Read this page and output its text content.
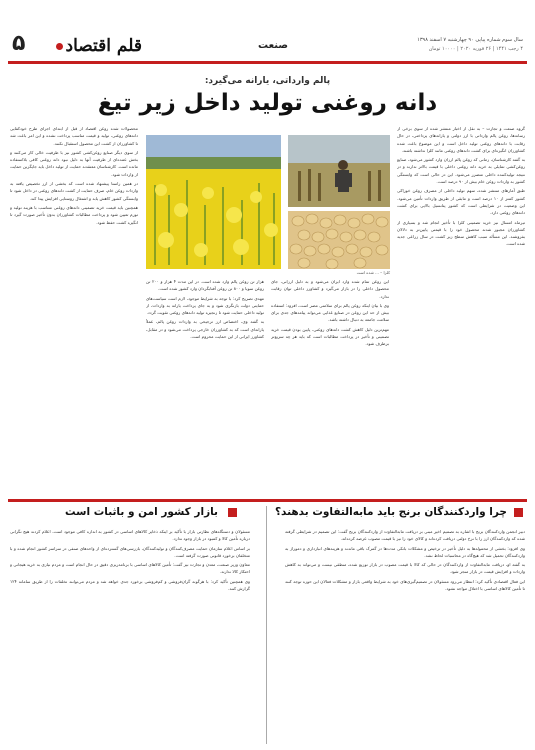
۵ قلم اقتصاد	صنعت	سال سوم شماره پیاپی ۹۰ چهارشنبه ۷ اسفند ۱۳۹۸
۴ رجب ۱۴۴۱ | ۲۶ فوریه ۲۰۲۰ | ۱۰۰۰۰ تومان
پالم وارداتی، یارانه می‌گیرد:
دانه روغنی تولید داخل زیر تیغ

گروه صنعت و تجارت – به نقل از اخبار منتشر شده از سوی برخی از رسانه‌ها، روغن پالم وارداتی با ارز دولتی و یارانه‌های پرداختی، در حال رقابت با دانه‌های روغنی تولید داخل است و این موضوع باعث شده کشاورزان انگیزه‌ای برای کشت دانه‌های روغنی مانند کلزا نداشته باشند.

به گفته کارشناسان، زمانی که روغن پالم ارزان وارد کشور می‌شود، صنایع روغن‌کشی تمایلی به خرید دانه روغنی داخلی با قیمت بالاتر ندارند و در نتیجه تولیدکننده داخلی متضرر می‌شود. این در حالی است که وابستگی کشور به واردات روغن خام بیش از ۹۰ درصد است.

طبق آمارهای منتشر شده، سهم تولید داخلی از مصرف روغن خوراکی کشور کمتر از ۱۰ درصد است و مابقی از طریق واردات تأمین می‌شود. این وضعیت در شرایطی است که کشور پتانسیل بالایی برای کشت دانه‌های روغنی دارد.

تیرماه امسال نیز خرید تضمینی کلزا با تأخیر انجام شد و بسیاری از کشاورزان مجبور شدند محصول خود را با قیمتی پایین‌تر به دلالان بفروشند. این مسأله سبب کاهش سطح زیر کشت در سال زراعی جدید شده است.

محصولات شده روغن اقتصاد از قبل از ابتدای اجرای طرح خودکفایی دانه‌های روغنی، تولید و قیمت مناسب پرداخت نشده و این امر باعث شد تا کشاورزان از کشت این محصول استقبال نکنند.

از سوی دیگر صنایع روغن‌کشی کشور نیز با ظرفیت خالی کار می‌کنند و بخش عمده‌ای از ظرفیت آنها به دلیل نبود دانه روغنی کافی بلااستفاده مانده است. کارشناسان معتقدند حمایت از تولید داخل باید جایگزین حمایت از واردات شود.

در همین راستا پیشنهاد شده است که بخشی از ارز تخصیص یافته به واردات روغن خام، صرف حمایت از کشت دانه‌های روغنی در داخل شود تا وابستگی کشور کاهش یابد و اشتغال روستایی افزایش پیدا کند.

همچنین باید قیمت خرید تضمینی دانه‌های روغنی متناسب با هزینه تولید و تورم تعیین شود و پرداخت مطالبات کشاورزان بدون تأخیر صورت گیرد تا انگیزه کشت حفظ شود.

کلزا – ... شده است

این روغن تمام شده وارد ایران می‌شود و به دلیل ارزانی، جای محصول داخلی را در بازار می‌گیرد و کشاورز داخلی توان رقابت ندارد.

وی با بیان اینکه روغن پالم برای سلامتی مضر است، افزود: استفاده بیش از حد این روغن در صنایع غذایی می‌تواند پیامدهای جدی برای سلامت جامعه به دنبال داشته باشد.

مهم‌ترین دلیل کاهش کشت دانه‌های روغنی، پایین بودن قیمت خرید تضمینی و تأخیر در پرداخت مطالبات است که باید هر چه سریع‌تر برطرف شود.

هزار تن روغن پالم وارد شده است. در این مدت ۴ هزار و ۲۰۰ تن روغن سویا و ۸۰۰ تن روغن آفتابگردان وارد کشور شده است.

مهدی تصریح کرد: با توجه به شرایط موجود، لازم است سیاست‌های حمایتی دولت بازنگری شود و به جای پرداخت یارانه به واردات، از تولید داخلی حمایت شود تا زنجیره تولید دانه‌های روغنی تقویت گردد.

به گفته وی، اختصاص ارز ترجیحی به واردات روغن پالم، عملاً یارانه‌ای است که به کشاورزان خارجی پرداخت می‌شود و در مقابل، کشاورز ایرانی از این حمایت محروم است.

چرا وارد‌کنندگان برنج باید مابه‌التفاوت بدهند؟

دبیر انجمن واردکنندگان برنج با اشاره به تصمیم اخیر مبنی بر دریافت مابه‌التفاوت از واردکنندگان برنج گفت: این تصمیم در شرایطی گرفته شده که واردکنندگان ارز را با نرخ دولتی دریافت کرده‌اند و کالای خود را نیز با قیمت مصوب عرضه کرده‌اند.

وی افزود: بخشی از محموله‌ها به دلیل تأخیر در ترخیص و مشکلات بانکی مدت‌ها در گمرک باقی ماندند و هزینه‌های انبارداری و دموراژ به واردکنندگان تحمیل شد که هیچ‌گاه در محاسبات لحاظ نشد.

به گفته او، دریافت مابه‌التفاوت از واردکنندگان در حالی که کالا با قیمت مصوب در بازار توزیع شده، منطقی نیست و می‌تواند به کاهش واردات و افزایش قیمت در بازار منجر شود.

این فعال اقتصادی تأکید کرد: انتظار می‌رود مسئولان در تصمیم‌گیری‌های خود به شرایط واقعی بازار و مشکلات فعالان این حوزه توجه کنند تا تأمین کالاهای اساسی با اختلال مواجه نشود.

بازار کشور امن و باثبات است

مسئولان و دستگاه‌های نظارتی بازار با تأکید بر اینکه ذخایر کالاهای اساسی در کشور به اندازه کافی موجود است، اعلام کردند هیچ نگرانی درباره تأمین کالا و کمبود در بازار وجود ندارد.

بر اساس اعلام سازمان حمایت مصرف‌کنندگان و تولیدکنندگان، بازرسی‌های گسترده‌ای از واحدهای صنفی در سراسر کشور انجام شده و با متخلفان برخورد قانونی صورت گرفته است.

معاون وزیر صنعت، معدن و تجارت نیز گفت: تأمین کالاهای اساسی با برنامه‌ریزی دقیق در حال انجام است و مردم نیازی به خرید هیجانی و احتکار کالا ندارند.

وی همچنین تأکید کرد: با هرگونه گران‌فروشی و کم‌فروشی برخورد جدی خواهد شد و مردم می‌توانند تخلفات را از طریق سامانه ۱۲۴ گزارش کنند.
